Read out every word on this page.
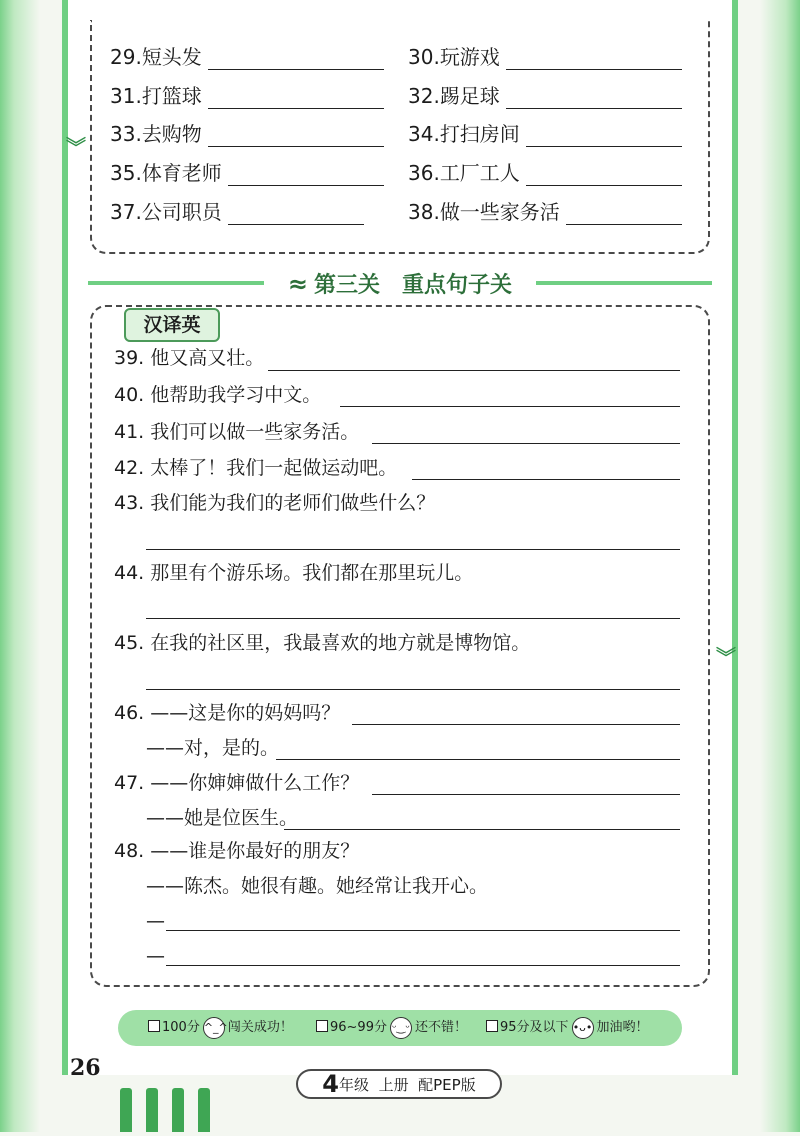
︾
︾
29.短头发	30.玩游戏
31.打篮球	32.踢足球
33.去购物	34.打扫房间
35.体育老师	36.工厂工人
37.公司职员	38.做一些家务活
≈ 第三关 重点句子关
汉译英
39. 他又高又壮。
40. 他帮助我学习中文。
41. 我们可以做一些家务活。
42. 太棒了！我们一起做运动吧。
43. 我们能为我们的老师们做些什么？
44. 那里有个游乐场。我们都在那里玩儿。
45. 在我的社区里，我最喜欢的地方就是博物馆。
46. ——这是你的妈妈吗？
——对，是的。
47. ——你婶婶做什么工作？
——她是位医生。
48. ——谁是你最好的朋友？
——陈杰。她很有趣。她经常让我开心。
—
—
100分 ^_^闯关成功！	96~99分 ᵕ‿ᵕ 还不错！	95分及以下 •ᴗ• 加油哟！
26
4年级 上册 配PEP版
